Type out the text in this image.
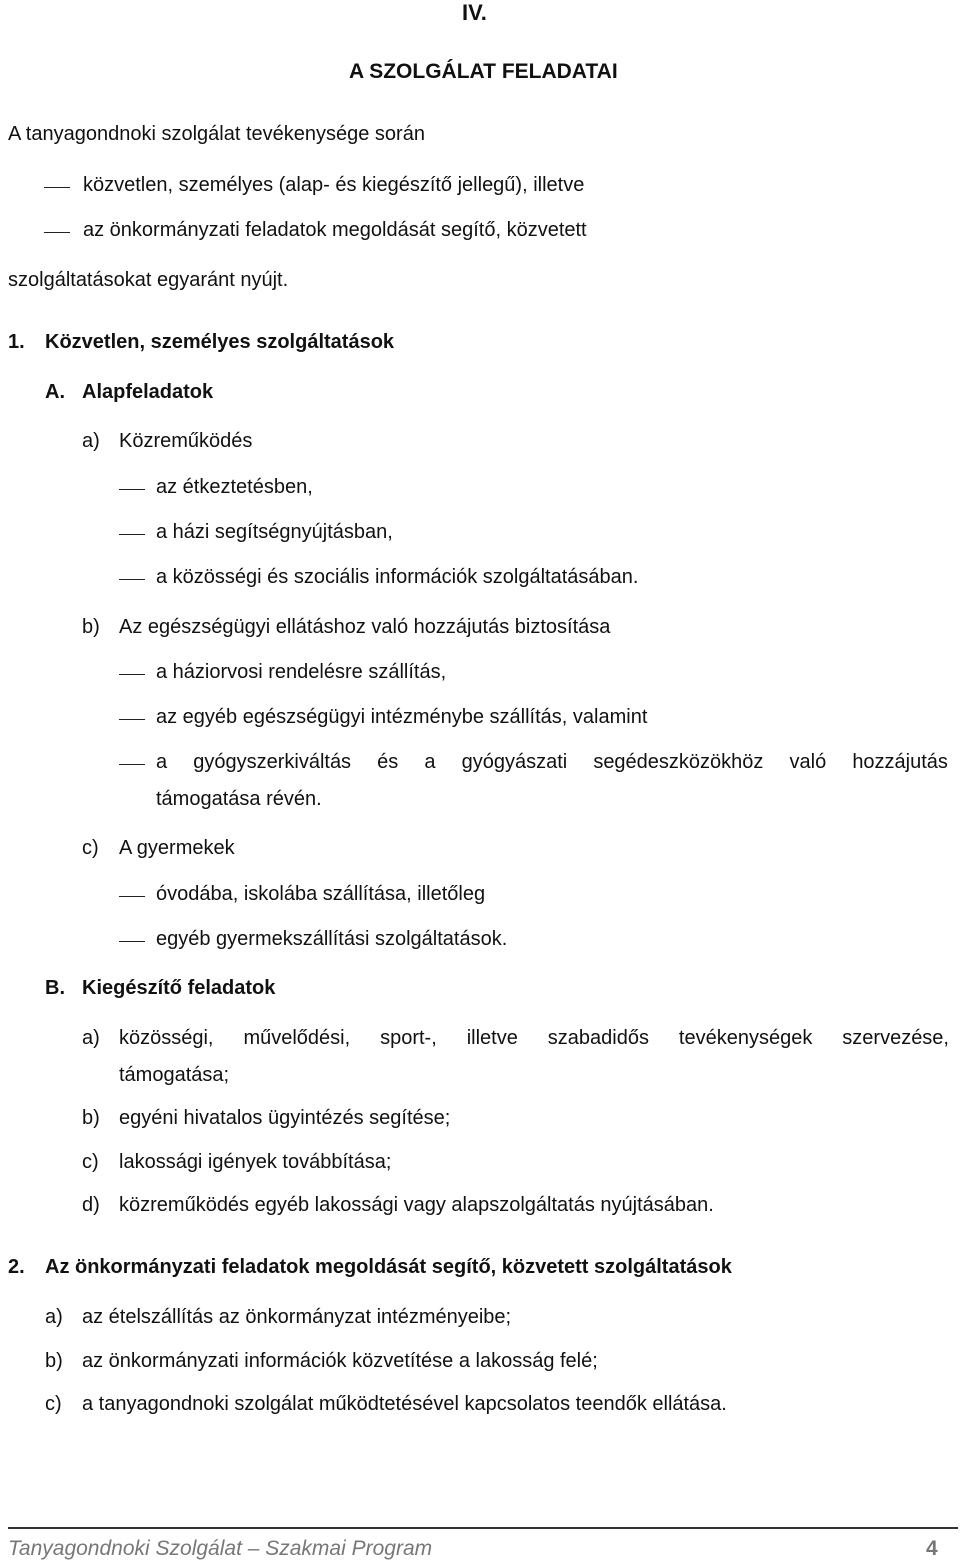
IV.
A SZOLGÁLAT FELADATAI
A tanyagondnoki szolgálat tevékenysége során
közvetlen, személyes (alap- és kiegészítő jellegű), illetve
az önkormányzati feladatok megoldását segítő, közvetett
szolgáltatásokat egyaránt nyújt.
1. Közvetlen, személyes szolgáltatások
A. Alapfeladatok
a) Közreműködés
az étkeztetésben,
a házi segítségnyújtásban,
a közösségi és szociális információk szolgáltatásában.
b) Az egészségügyi ellátáshoz való hozzájutás biztosítása
a háziorvosi rendelésre szállítás,
az egyéb egészségügyi intézménybe szállítás, valamint
a gyógyszerkiváltás és a gyógyászati segédeszközökhöz való hozzájutás
támogatása révén.
c) A gyermekek
óvodába, iskolába szállítása, illetőleg
egyéb gyermekszállítási szolgáltatások.
B. Kiegészítő feladatok
a) közösségi, művelődési, sport-, illetve szabadidős tevékenységek szervezése,
támogatása;
b) egyéni hivatalos ügyintézés segítése;
c) lakossági igények továbbítása;
d) közreműködés egyéb lakossági vagy alapszolgáltatás nyújtásában.
2. Az önkormányzati feladatok megoldását segítő, közvetett szolgáltatások
a) az ételszállítás az önkormányzat intézményeibe;
b) az önkormányzati információk közvetítése a lakosság felé;
c) a tanyagondnoki szolgálat működtetésével kapcsolatos teendők ellátása.
Tanyagondnoki Szolgálat – Szakmai Program	4
